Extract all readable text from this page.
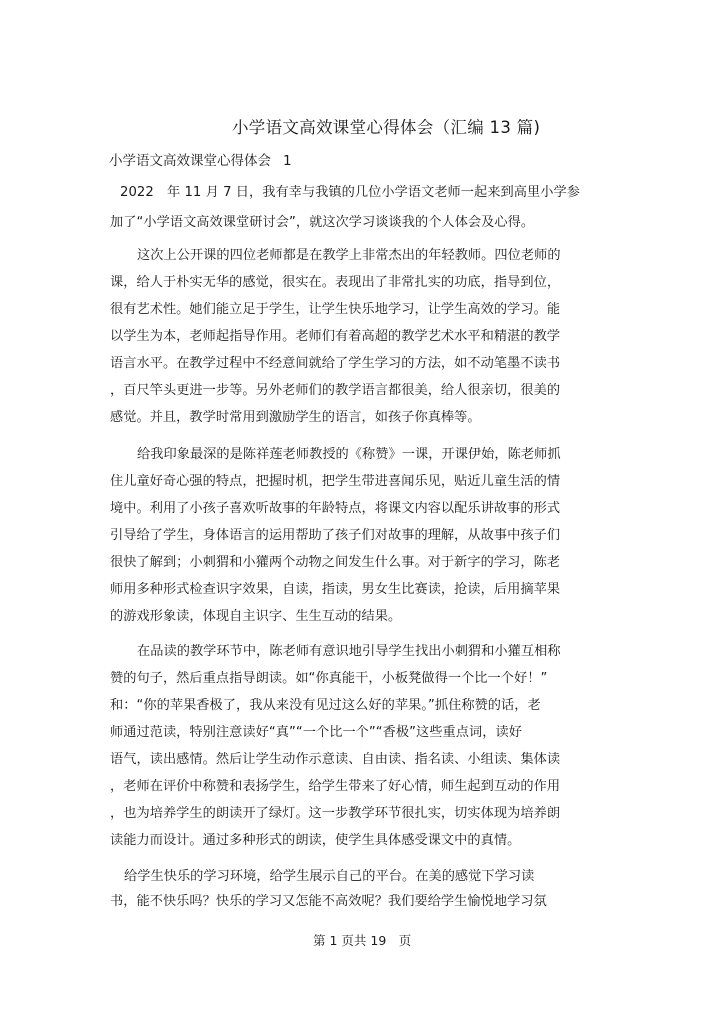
小学语文高效课堂心得体会（汇编 13 篇)
小学语文高效课堂心得体会 1
2022　年 11 月 7 日，我有幸与我镇的几位小学语文老师一起来到高里小学参
加了“小学语文高效课堂研讨会”，就这次学习谈谈我的个人体会及心得。
这次上公开课的四位老师都是在教学上非常杰出的年轻教师。四位老师的
课，给人于朴实无华的感觉，很实在。表现出了非常扎实的功底，指导到位，
很有艺术性。她们能立足于学生，让学生快乐地学习，让学生高效的学习。能
以学生为本，老师起指导作用。老师们有着高超的教学艺术水平和精湛的教学
语言水平。在教学过程中不经意间就给了学生学习的方法，如不动笔墨不读书
，百尺竿头更进一步等。另外老师们的教学语言都很美，给人很亲切，很美的
感觉。并且，教学时常用到激励学生的语言，如孩子你真棒等。
给我印象最深的是陈祥莲老师教授的《称赞》一课，开课伊始，陈老师抓
住儿童好奇心强的特点，把握时机，把学生带进喜闻乐见，贴近儿童生活的情
境中。利用了小孩子喜欢听故事的年龄特点，将课文内容以配乐讲故事的形式
引导给了学生，身体语言的运用帮助了孩子们对故事的理解，从故事中孩子们
很快了解到；小刺猬和小獾两个动物之间发生什么事。对于新字的学习，陈老
师用多种形式检查识字效果，自读，指读，男女生比赛读，抢读，后用摘苹果
的游戏形象读，体现自主识字、生生互动的结果。
在品读的教学环节中，陈老师有意识地引导学生找出小刺猬和小獾互相称
赞的句子，然后重点指导朗读。如“你真能干，小板凳做得一个比一个好！”
和：“你的苹果香极了，我从来没有见过这么好的苹果。”抓住称赞的话，老
师通过范读，特别注意读好“真”“一个比一个”“香极”这些重点词，读好
语气，读出感情。然后让学生动作示意读、自由读、指名读、小组读、集体读
，老师在评价中称赞和表扬学生，给学生带来了好心情，师生起到互动的作用
，也为培养学生的朗读开了绿灯。这一步教学环节很扎实，切实体现为培养朗
读能力而设计。通过多种形式的朗读，使学生具体感受课文中的真情。
给学生快乐的学习环境，给学生展示自己的平台。在美的感觉下学习读
书，能不快乐吗？快乐的学习又怎能不高效呢？我们要给学生愉悦地学习氛
第 1 页共 19　页
